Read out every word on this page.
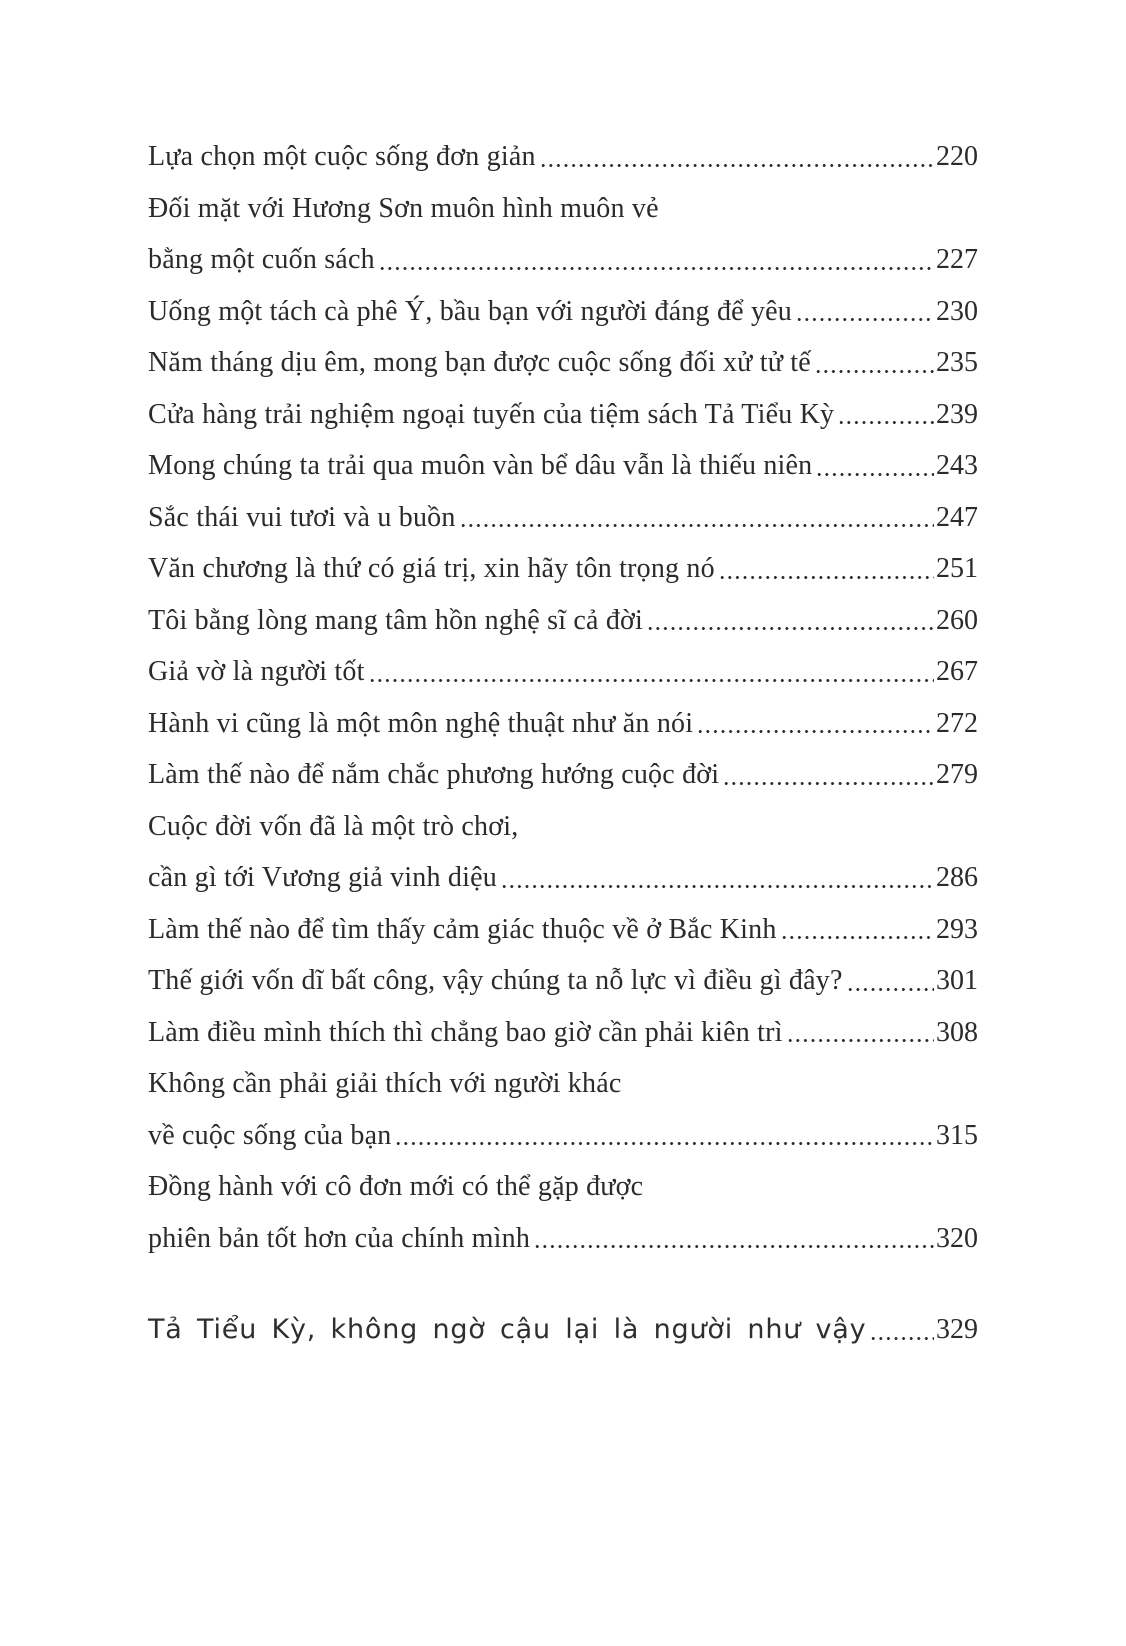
Lựa chọn một cuộc sống đơn giản	220
Đối mặt với Hương Sơn muôn hình muôn vẻ
bằng một cuốn sách	227
Uống một tách cà phê Ý, bầu bạn với người đáng để yêu	230
Năm tháng dịu êm, mong bạn được cuộc sống đối xử tử tế	235
Cửa hàng trải nghiệm ngoại tuyến của tiệm sách Tả Tiểu Kỳ	239
Mong chúng ta trải qua muôn vàn bể dâu vẫn là thiếu niên	243
Sắc thái vui tươi và u buồn	247
Văn chương là thứ có giá trị, xin hãy tôn trọng nó	251
Tôi bằng lòng mang tâm hồn nghệ sĩ cả đời	260
Giả vờ là người tốt	267
Hành vi cũng là một môn nghệ thuật như ăn nói	272
Làm thế nào để nắm chắc phương hướng cuộc đời	279
Cuộc đời vốn đã là một trò chơi,
cần gì tới Vương giả vinh diệu	286
Làm thế nào để tìm thấy cảm giác thuộc về ở Bắc Kinh	293
Thế giới vốn dĩ bất công, vậy chúng ta nỗ lực vì điều gì đây?	301
Làm điều mình thích thì chẳng bao giờ cần phải kiên trì	308
Không cần phải giải thích với người khác
về cuộc sống của bạn	315
Đồng hành với cô đơn mới có thể gặp được
phiên bản tốt hơn của chính mình	320
Tả Tiểu Kỳ, không ngờ cậu lại là người như vậy 329
